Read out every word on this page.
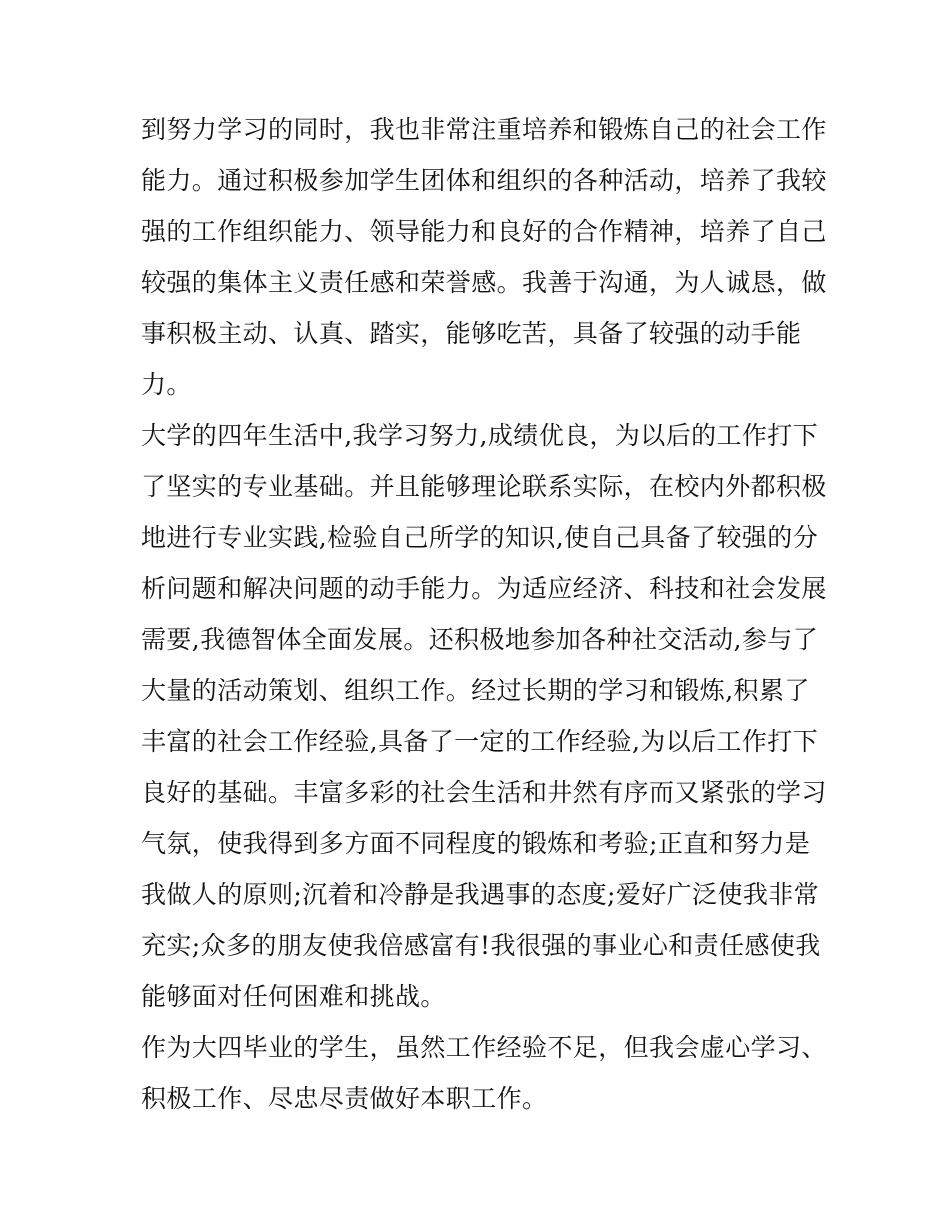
到努力学习的同时，我也非常注重培养和锻炼自己的社会工作
能力。通过积极参加学生团体和组织的各种活动，培养了我较
强的工作组织能力、领导能力和良好的合作精神，培养了自己
较强的集体主义责任感和荣誉感。我善于沟通，为人诚恳，做
事积极主动、认真、踏实，能够吃苦，具备了较强的动手能
力。
大学的四年生活中,我学习努力,成绩优良，为以后的工作打下
了坚实的专业基础。并且能够理论联系实际，在校内外都积极
地进行专业实践,检验自己所学的知识,使自己具备了较强的分
析问题和解决问题的动手能力。为适应经济、科技和社会发展
需要,我德智体全面发展。还积极地参加各种社交活动,参与了
大量的活动策划、组织工作。经过长期的学习和锻炼,积累了
丰富的社会工作经验,具备了一定的工作经验,为以后工作打下
良好的基础。丰富多彩的社会生活和井然有序而又紧张的学习
气氛，使我得到多方面不同程度的锻炼和考验;正直和努力是
我做人的原则;沉着和冷静是我遇事的态度;爱好广泛使我非常
充实;众多的朋友使我倍感富有!我很强的事业心和责任感使我
能够面对任何困难和挑战。
作为大四毕业的学生，虽然工作经验不足，但我会虚心学习、
积极工作、尽忠尽责做好本职工作。
